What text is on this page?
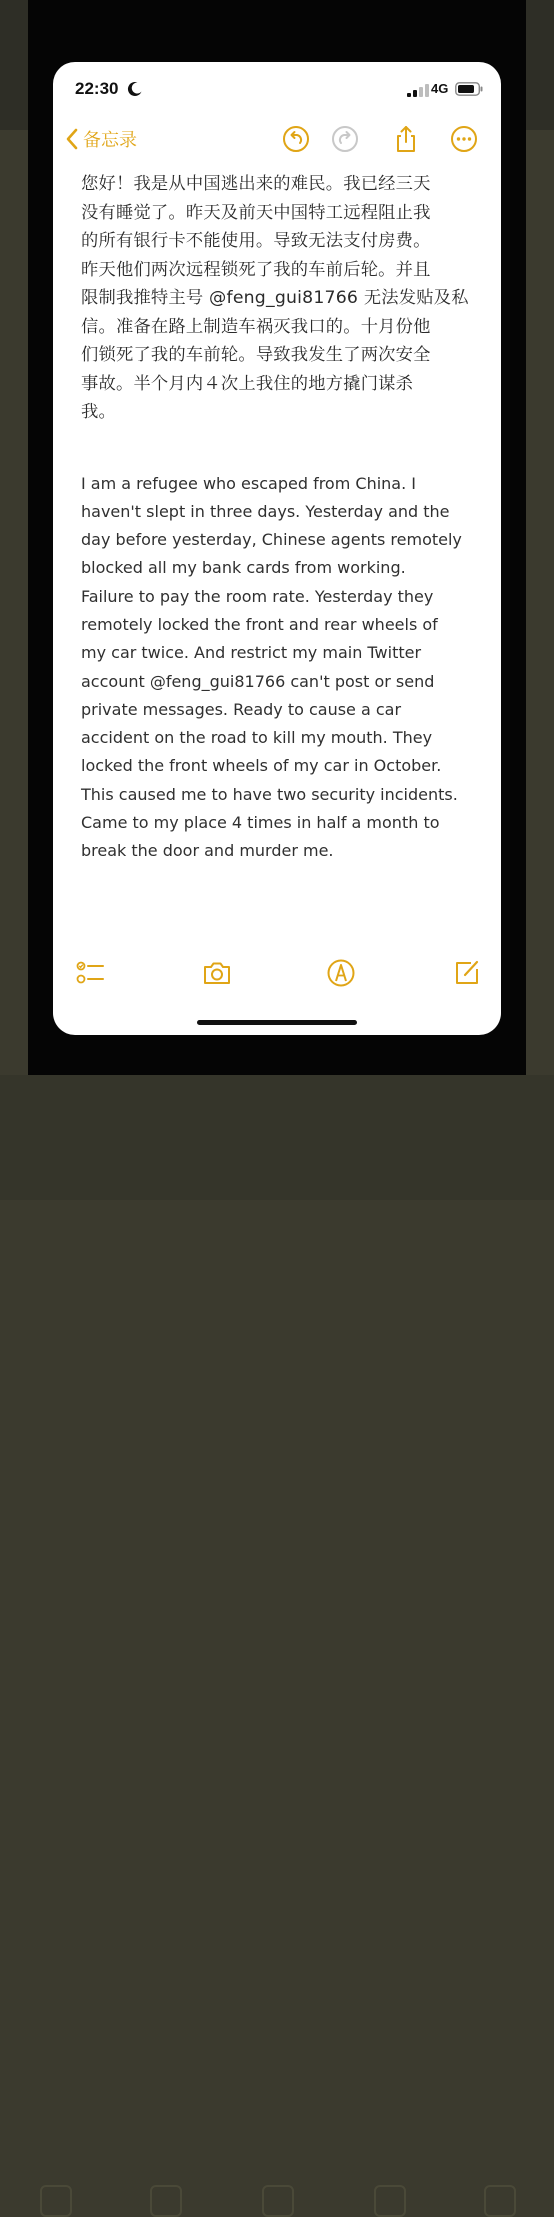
22:30	4G
备忘录

您好！我是从中国逃出来的难民。我已经三天
没有睡觉了。昨天及前天中国特工远程阻止我
的所有银行卡不能使用。导致无法支付房费。
昨天他们两次远程锁死了我的车前后轮。并且
限制我推特主号 @feng_gui81766 无法发贴及私
信。准备在路上制造车祸灭我口的。十月份他
们锁死了我的车前轮。导致我发生了两次安全
事故。半个月内４次上我住的地方撬门谋杀
我。

I am a refugee who escaped from China. I
haven't slept in three days. Yesterday and the
day before yesterday, Chinese agents remotely
blocked all my bank cards from working.
Failure to pay the room rate. Yesterday they
remotely locked the front and rear wheels of
my car twice. And restrict my main Twitter
account @feng_gui81766 can't post or send
private messages. Ready to cause a car
accident on the road to kill my mouth. They
locked the front wheels of my car in October.
This caused me to have two security incidents.
Came to my place 4 times in half a month to
break the door and murder me.
